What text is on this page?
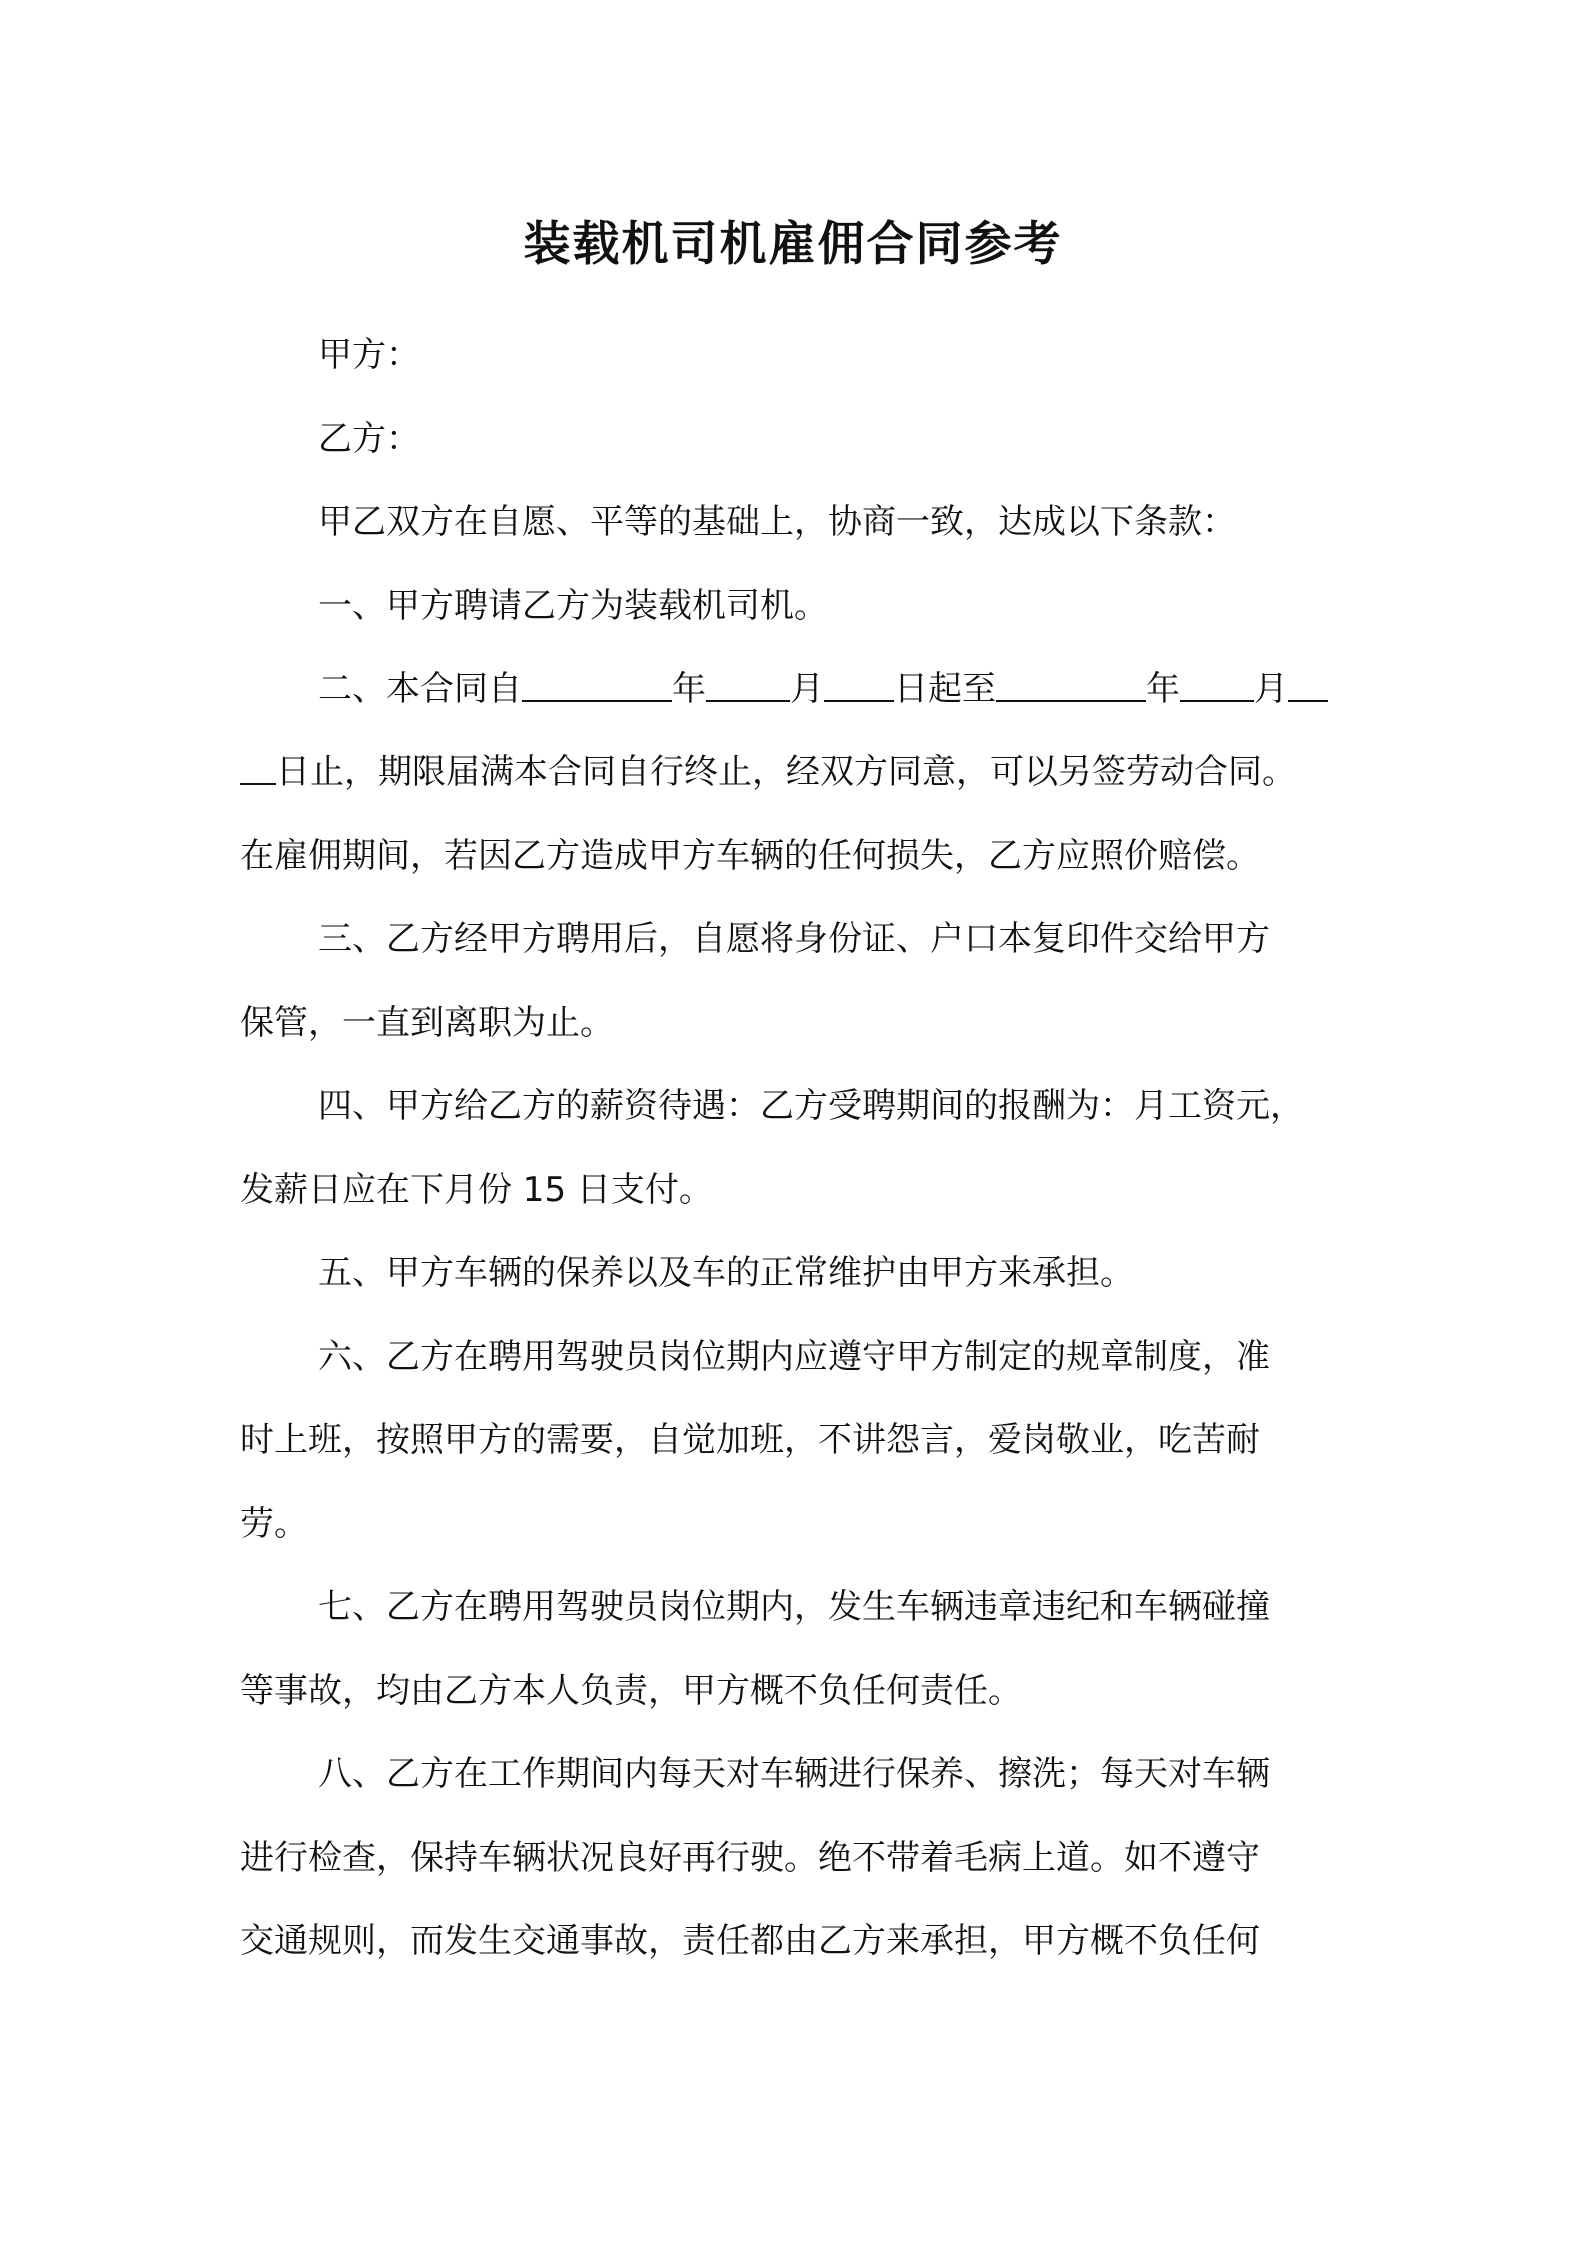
装载机司机雇佣合同参考
甲方：
乙方：
甲乙双方在自愿、平等的基础上，协商一致，达成以下条款：
一、甲方聘请乙方为装载机司机。
二、本合同自	年 月 日起至	年 月
日止，期限届满本合同自行终止，经双方同意，可以另签劳动合同。
在雇佣期间，若因乙方造成甲方车辆的任何损失，乙方应照价赔偿。
三、乙方经甲方聘用后，自愿将身份证、户口本复印件交给甲方
保管，一直到离职为止。
四、甲方给乙方的薪资待遇：乙方受聘期间的报酬为：月工资元，
发薪日应在下月份 15 日支付。
五、甲方车辆的保养以及车的正常维护由甲方来承担。
六、乙方在聘用驾驶员岗位期内应遵守甲方制定的规章制度，准
时上班，按照甲方的需要，自觉加班，不讲怨言，爱岗敬业，吃苦耐
劳。
七、乙方在聘用驾驶员岗位期内，发生车辆违章违纪和车辆碰撞
等事故，均由乙方本人负责，甲方概不负任何责任。
八、乙方在工作期间内每天对车辆进行保养、擦洗；每天对车辆
进行检查，保持车辆状况良好再行驶。绝不带着毛病上道。如不遵守
交通规则，而发生交通事故，责任都由乙方来承担，甲方概不负任何
